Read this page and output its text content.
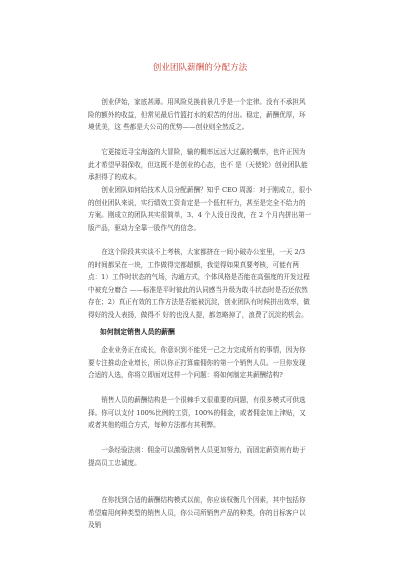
创业团队薪酬的分配方法

创业伊始，家底甚薄。用风险兑换前景几乎是一个定律。没有不承担风险的额外的收益，但常见最后竹篮打水的艰苦的付出。稳定，薪酬优厚，环境优美，这 些都是大公司的优势——创业则全然反之。

它更接近寻宝海盗的大冒险，输的概率远远大过赢的概率，也许正因为此才希望早弱保收，但这既不是创业的心态，也不 是（天使轮）创业团队能承担得了的成本。

创业团队如何给技术人员分配薪酬？知乎 CEO 周源：对于刚成立，很小的创业团队来说，实行绩效工资肯定是一个低杠杆力，甚至是完全不给力的方案。刚成立的团队其实很简单，3、4 个人没日没夜，在 2 个月内拼出第一版产品，驱动力全靠一股作气的信念。

在这个阶段其实谈不上考核，大家都挤在一间小破办公室里，一天 2/3 的时间都呆在一块，工作做得完都超额，我觉得如果真要考核，可能有两点：1）工作时状态的气场，沟通方式，个体风格是否能在高强度的开发过程中被充分磨合 ——标准是平时彼此的认同感当升级为敢斗状态时是否还依然存在；2）真正有效的工作方法是否能被沉淀，创业团队有时候拼出效率，做得好的没人表扬，做得不 好的也没人提，都忽略掉了，浪费了沉淀的机会。

如何制定销售人员的薪酬

企业业务正在成长，你意识到不能凭一己之力完成所有的事情，因为你要专注推动企业增长，所以你正打算雇佣你的第一个销售人员。一旦你发现合适的人选，你将立即面对这样一个问题：将如何制定其薪酬结构?

销售人员的薪酬结构是一个很棘手又很重要的问题，有很多模式可供选择。你可以支付 100%比例的工资，100%的佣金，或者佣金加上津贴，又或者其他的组合方式，每种方法都有其利弊。

一条经验法则：佣金可以激励销售人员更加努力，而固定薪资则有助于提高员工忠诚度。

在你找到合适的薪酬结构模式以前，你应该权衡几个因素，其中包括你希望雇用何种类型的销售人员，你公司所销售产品的种类，你的目标客户以及销
